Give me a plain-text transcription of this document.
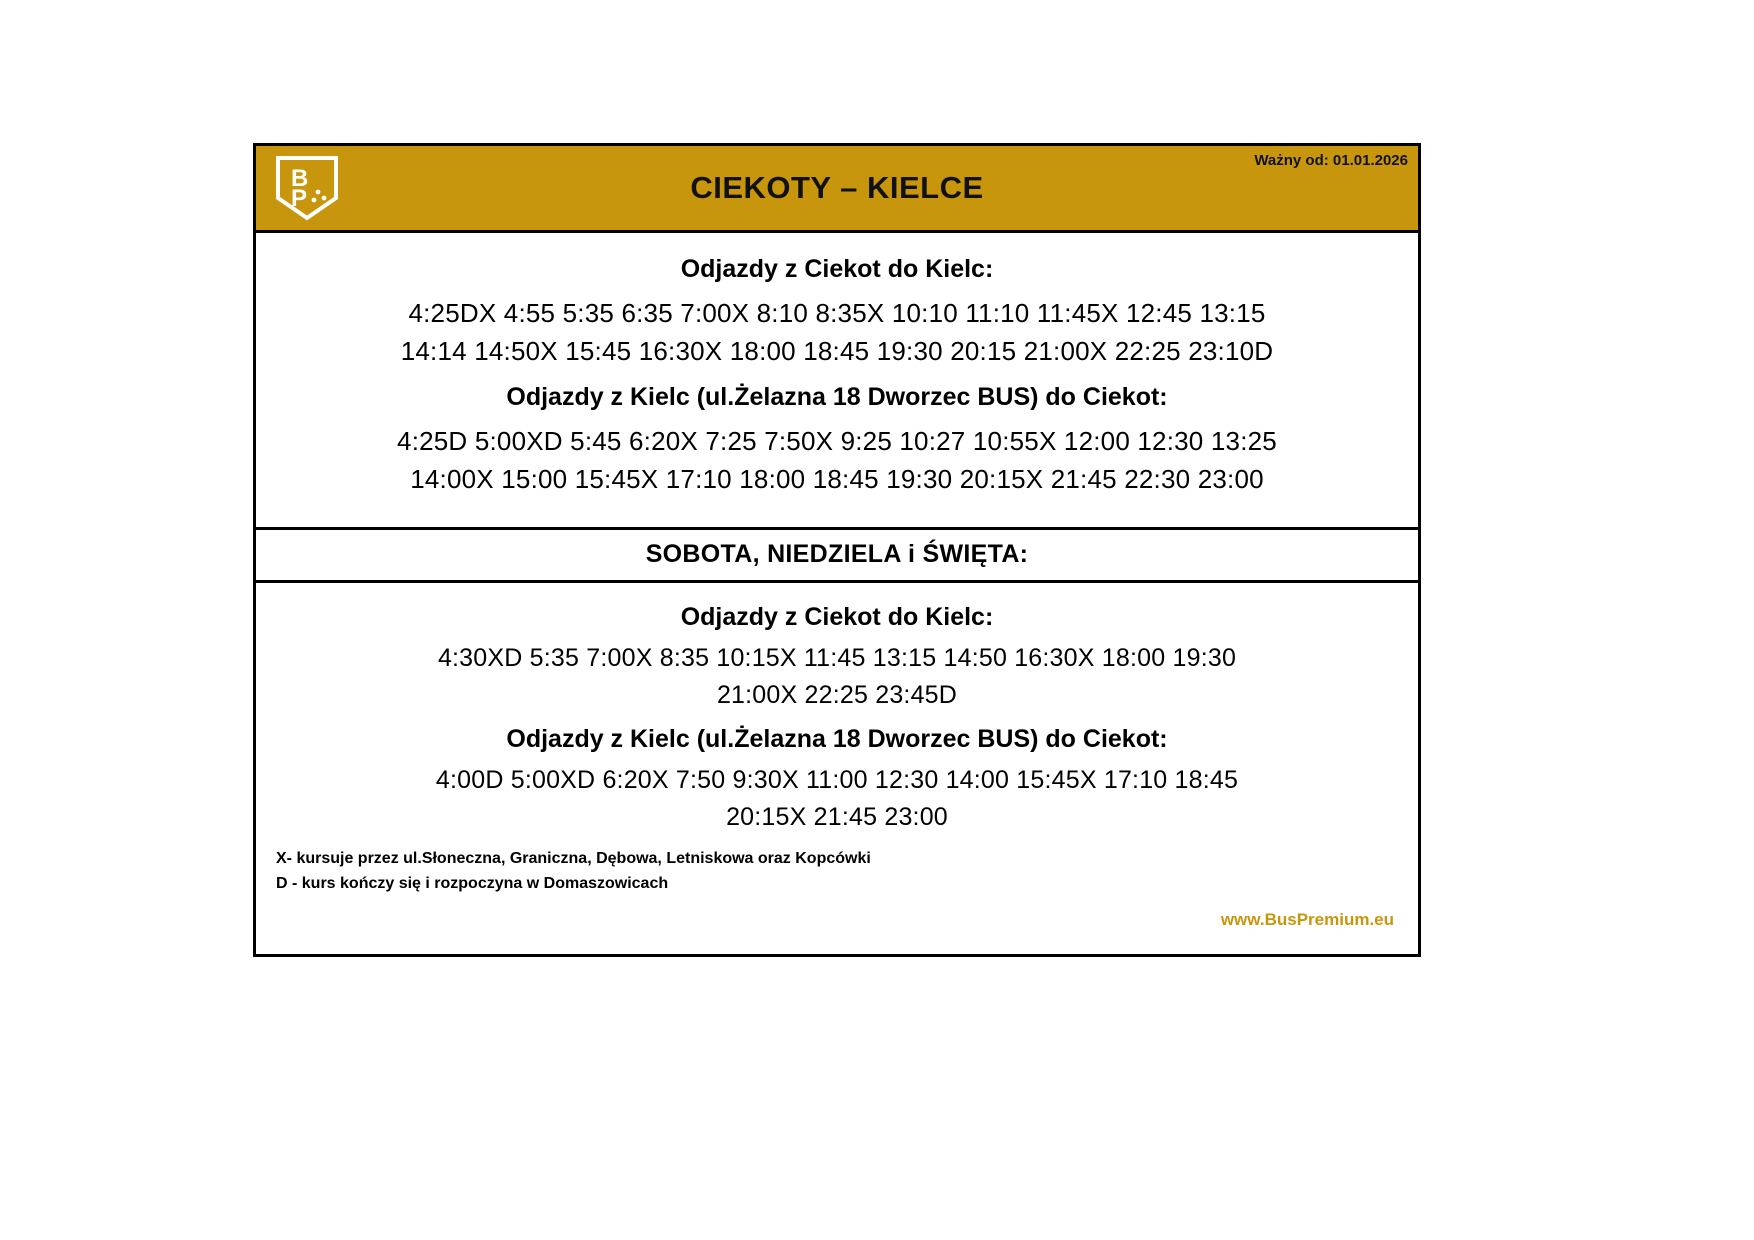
B
P	CIEKOTY – KIELCE
Ważny od: 01.01.2026
Odjazdy z Ciekot do Kielc:
4:25DX 4:55 5:35 6:35 7:00X 8:10 8:35X 10:10 11:10 11:45X 12:45 13:15
14:14 14:50X 15:45 16:30X 18:00 18:45 19:30 20:15 21:00X 22:25 23:10D
Odjazdy z Kielc (ul.Żelazna 18 Dworzec BUS) do Ciekot:
4:25D 5:00XD 5:45 6:20X 7:25 7:50X 9:25 10:27 10:55X 12:00 12:30 13:25
14:00X 15:00 15:45X 17:10 18:00 18:45 19:30 20:15X 21:45 22:30 23:00
SOBOTA, NIEDZIELA i ŚWIĘTA:
Odjazdy z Ciekot do Kielc:
4:30XD 5:35 7:00X 8:35 10:15X 11:45 13:15 14:50 16:30X 18:00 19:30
21:00X 22:25 23:45D
Odjazdy z Kielc (ul.Żelazna 18 Dworzec BUS) do Ciekot:
4:00D 5:00XD 6:20X 7:50 9:30X 11:00 12:30 14:00 15:45X 17:10 18:45
20:15X 21:45 23:00
X- kursuje przez ul.Słoneczna, Graniczna, Dębowa, Letniskowa oraz Kopcówki
D - kurs kończy się i rozpoczyna w Domaszowicach
www.BusPremium.eu
